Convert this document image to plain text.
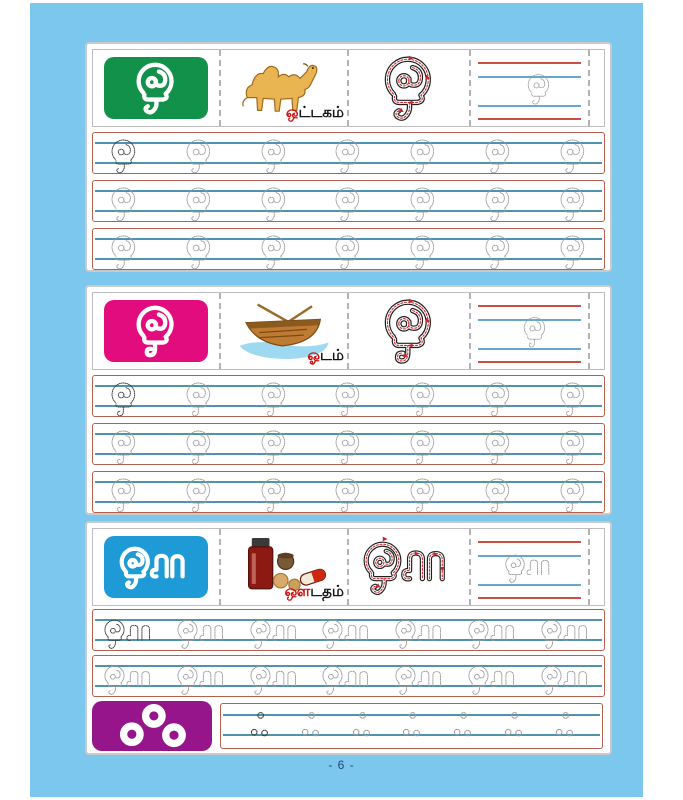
ஒட்டகம்
ஓடம்
ஔடதம்
- 6 -
